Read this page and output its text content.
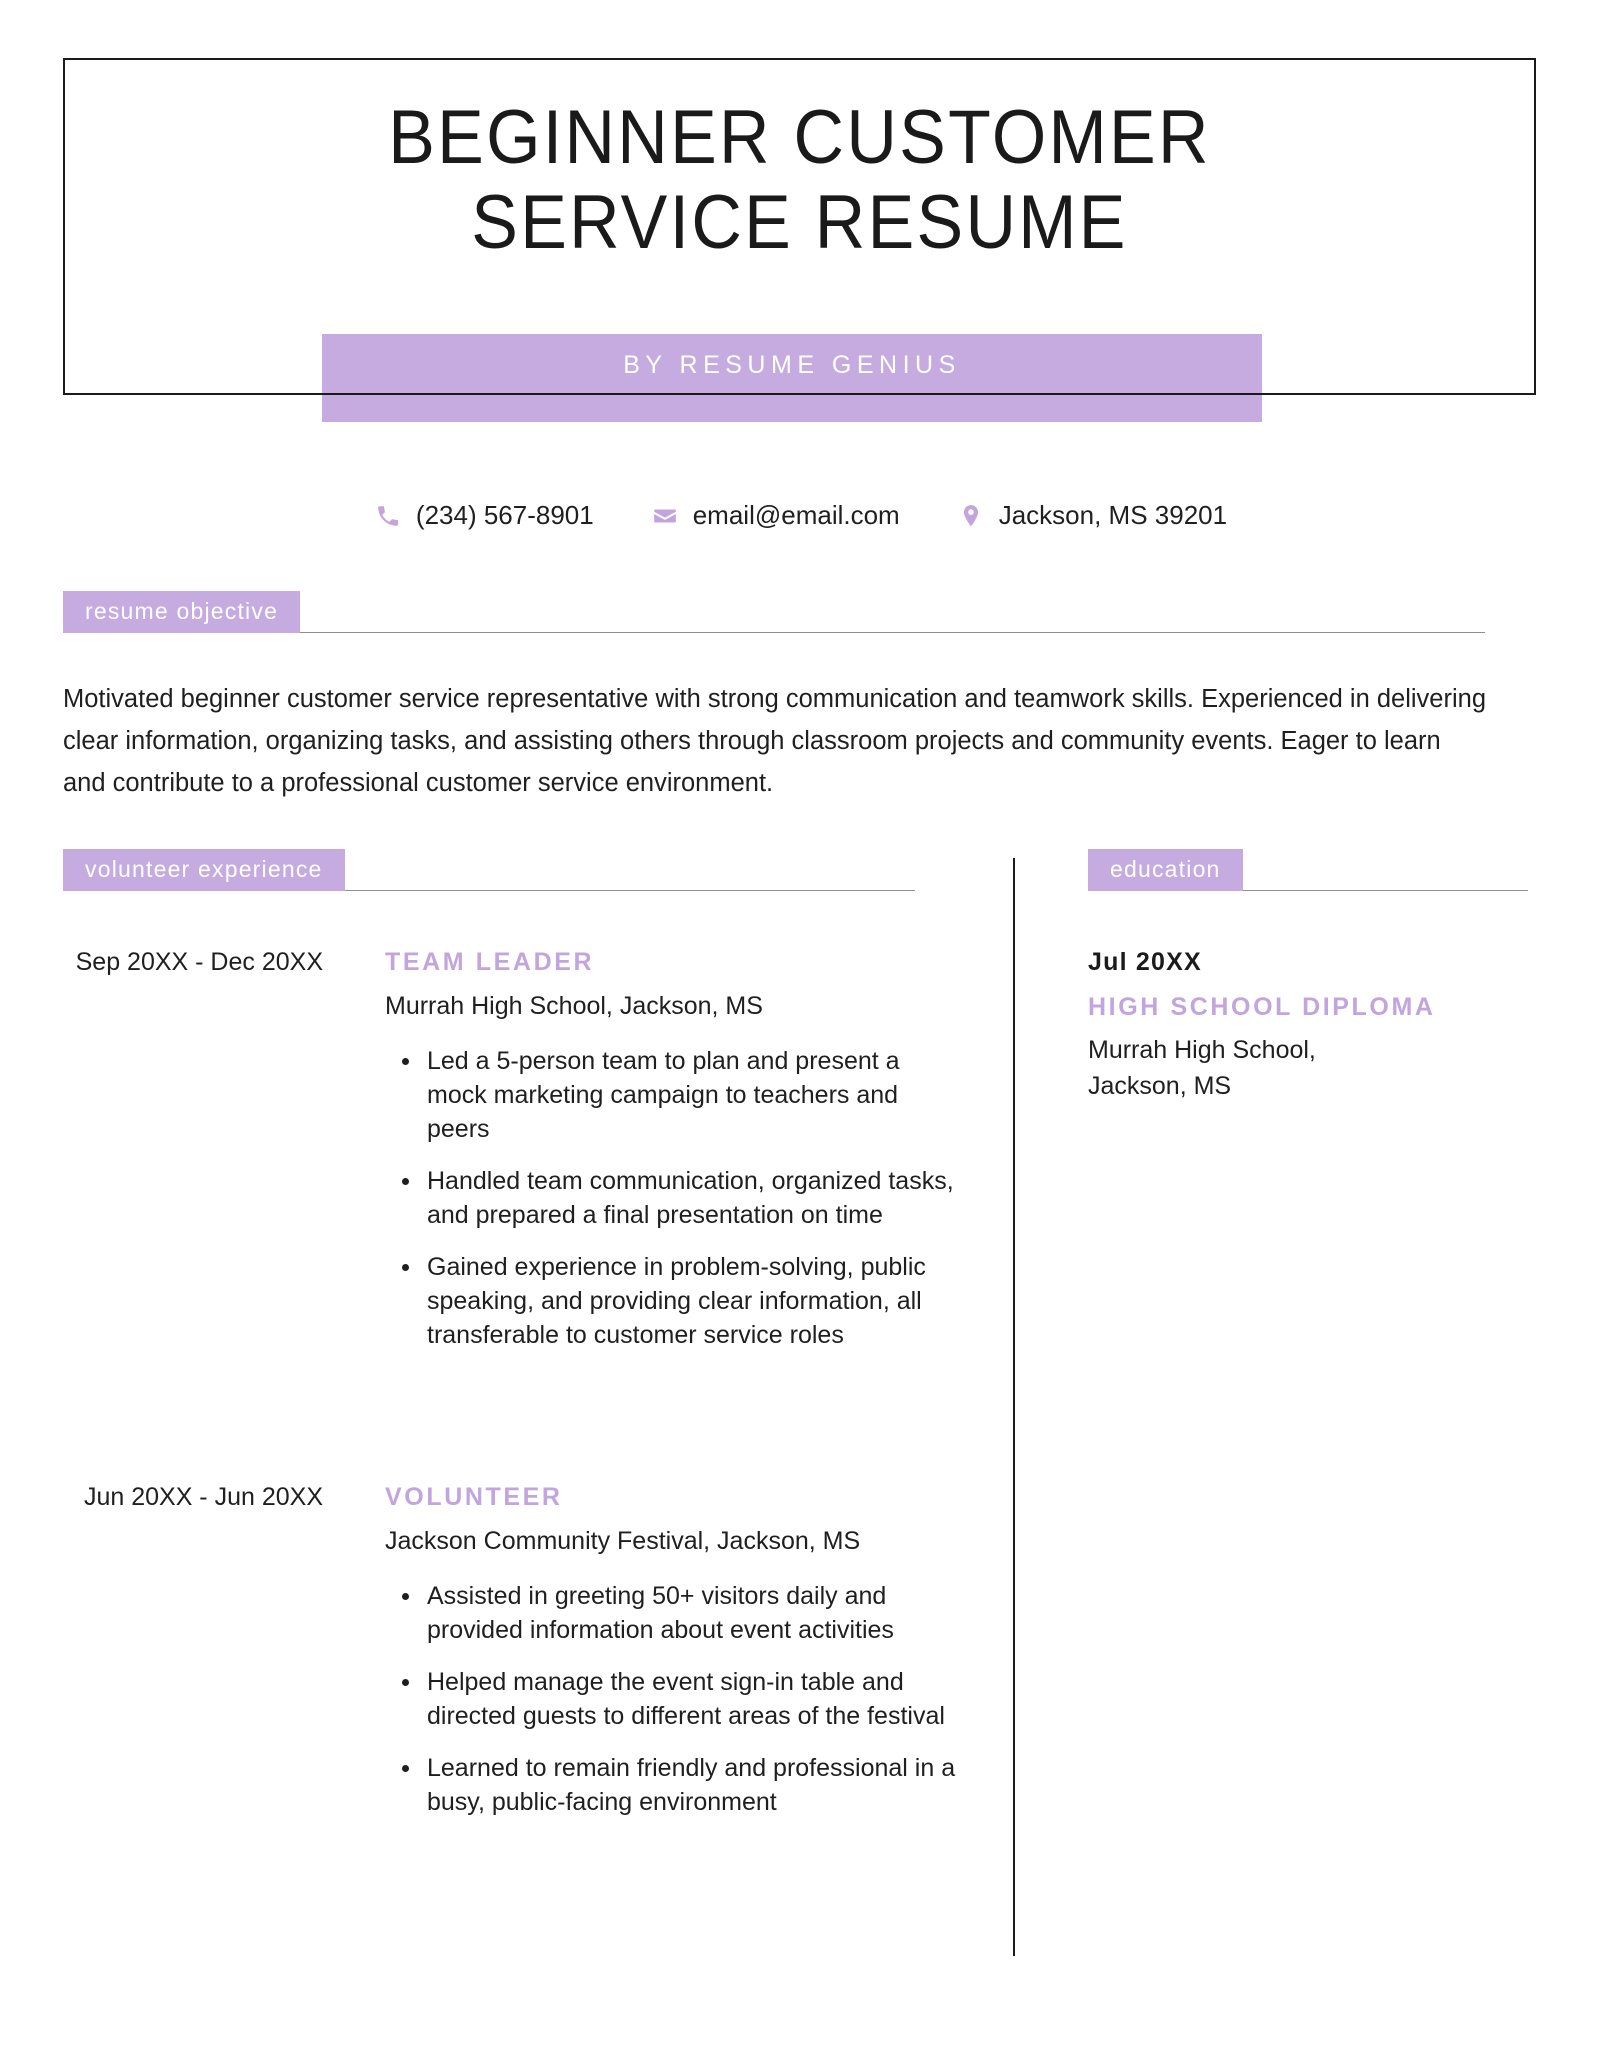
BEGINNER CUSTOMER
SERVICE RESUME
BY RESUME GENIUS
(234) 567-8901	email@email.com	Jackson, MS 39201
resume objective
Motivated beginner customer service representative with strong communication and teamwork skills. Experienced in delivering clear information, organizing tasks, and assisting others through classroom projects and community events. Eager to learn and contribute to a professional customer service environment.
volunteer experience	education
Sep 20XX - Dec 20XX TEAM LEADER
Murrah High School, Jackson, MS
Led a 5-person team to plan and present a mock marketing campaign to teachers and peers
Handled team communication, organized tasks, and prepared a final presentation on time
Gained experience in problem-solving, public speaking, and providing clear information, all transferable to customer service roles
Jun 20XX - Jun 20XX VOLUNTEER
Jackson Community Festival, Jackson, MS
Assisted in greeting 50+ visitors daily and provided information about event activities
Helped manage the event sign-in table and directed guests to different areas of the festival
Learned to remain friendly and professional in a busy, public-facing environment
Jul 20XX
HIGH SCHOOL DIPLOMA
Murrah High School,
Jackson, MS
